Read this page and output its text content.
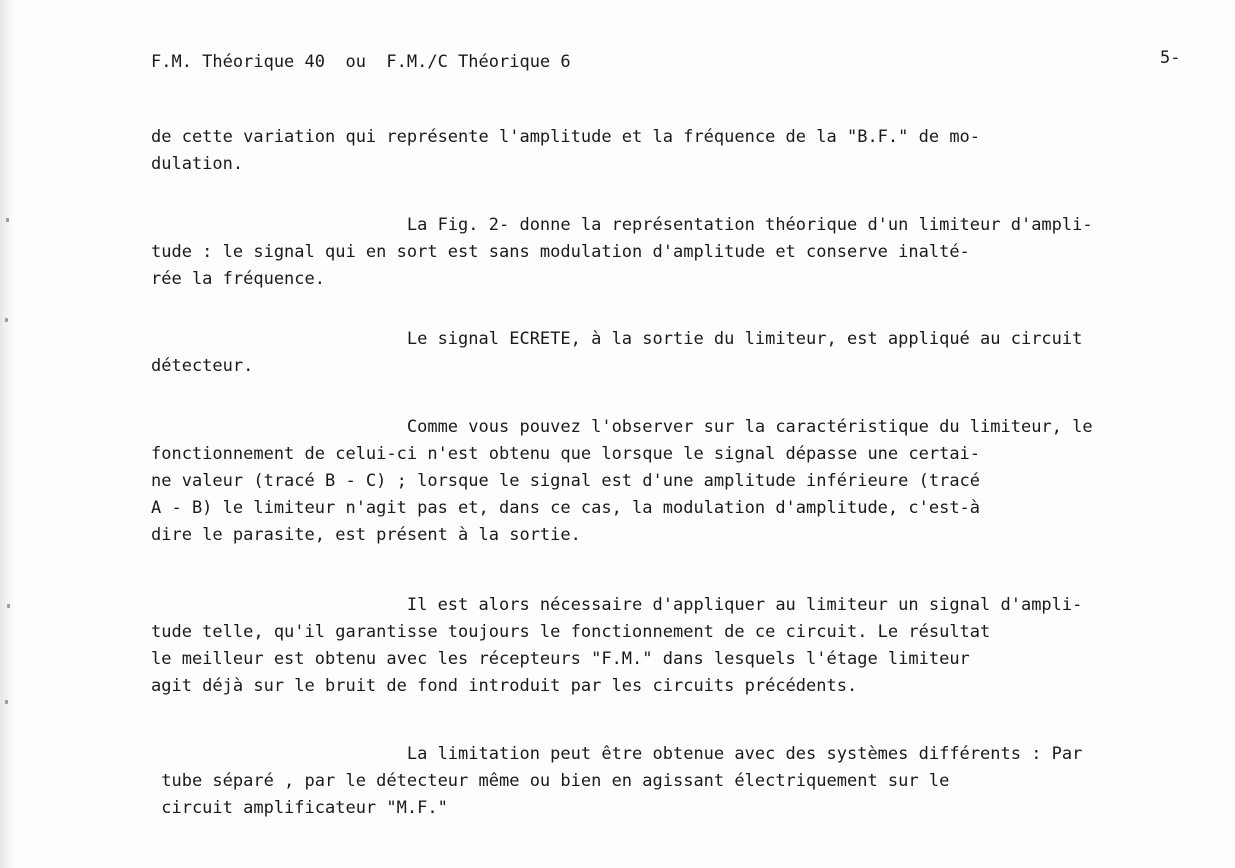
F.M. Théorique 40  ou  F.M./C Théorique 6	5-
de cette variation qui représente l'amplitude et la fréquence de la "B.F." de mo-
dulation.
La Fig. 2- donne la représentation théorique d'un limiteur d'ampli-
tude : le signal qui en sort est sans modulation d'amplitude et conserve inalté-
rée la fréquence.
Le signal ECRETE, à la sortie du limiteur, est appliqué au circuit
détecteur.
Comme vous pouvez l'observer sur la caractéristique du limiteur, le
fonctionnement de celui-ci n'est obtenu que lorsque le signal dépasse une certai-
ne valeur (tracé B - C) ; lorsque le signal est d'une amplitude inférieure (tracé
A - B) le limiteur n'agit pas et, dans ce cas, la modulation d'amplitude, c'est-à
dire le parasite, est présent à la sortie.
Il est alors nécessaire d'appliquer au limiteur un signal d'ampli-
tude telle, qu'il garantisse toujours le fonctionnement de ce circuit. Le résultat
le meilleur est obtenu avec les récepteurs "F.M." dans lesquels l'étage limiteur
agit déjà sur le bruit de fond introduit par les circuits précédents.
La limitation peut être obtenue avec des systèmes différents : Par
tube séparé , par le détecteur même ou bien en agissant électriquement sur le
circuit amplificateur "M.F."
